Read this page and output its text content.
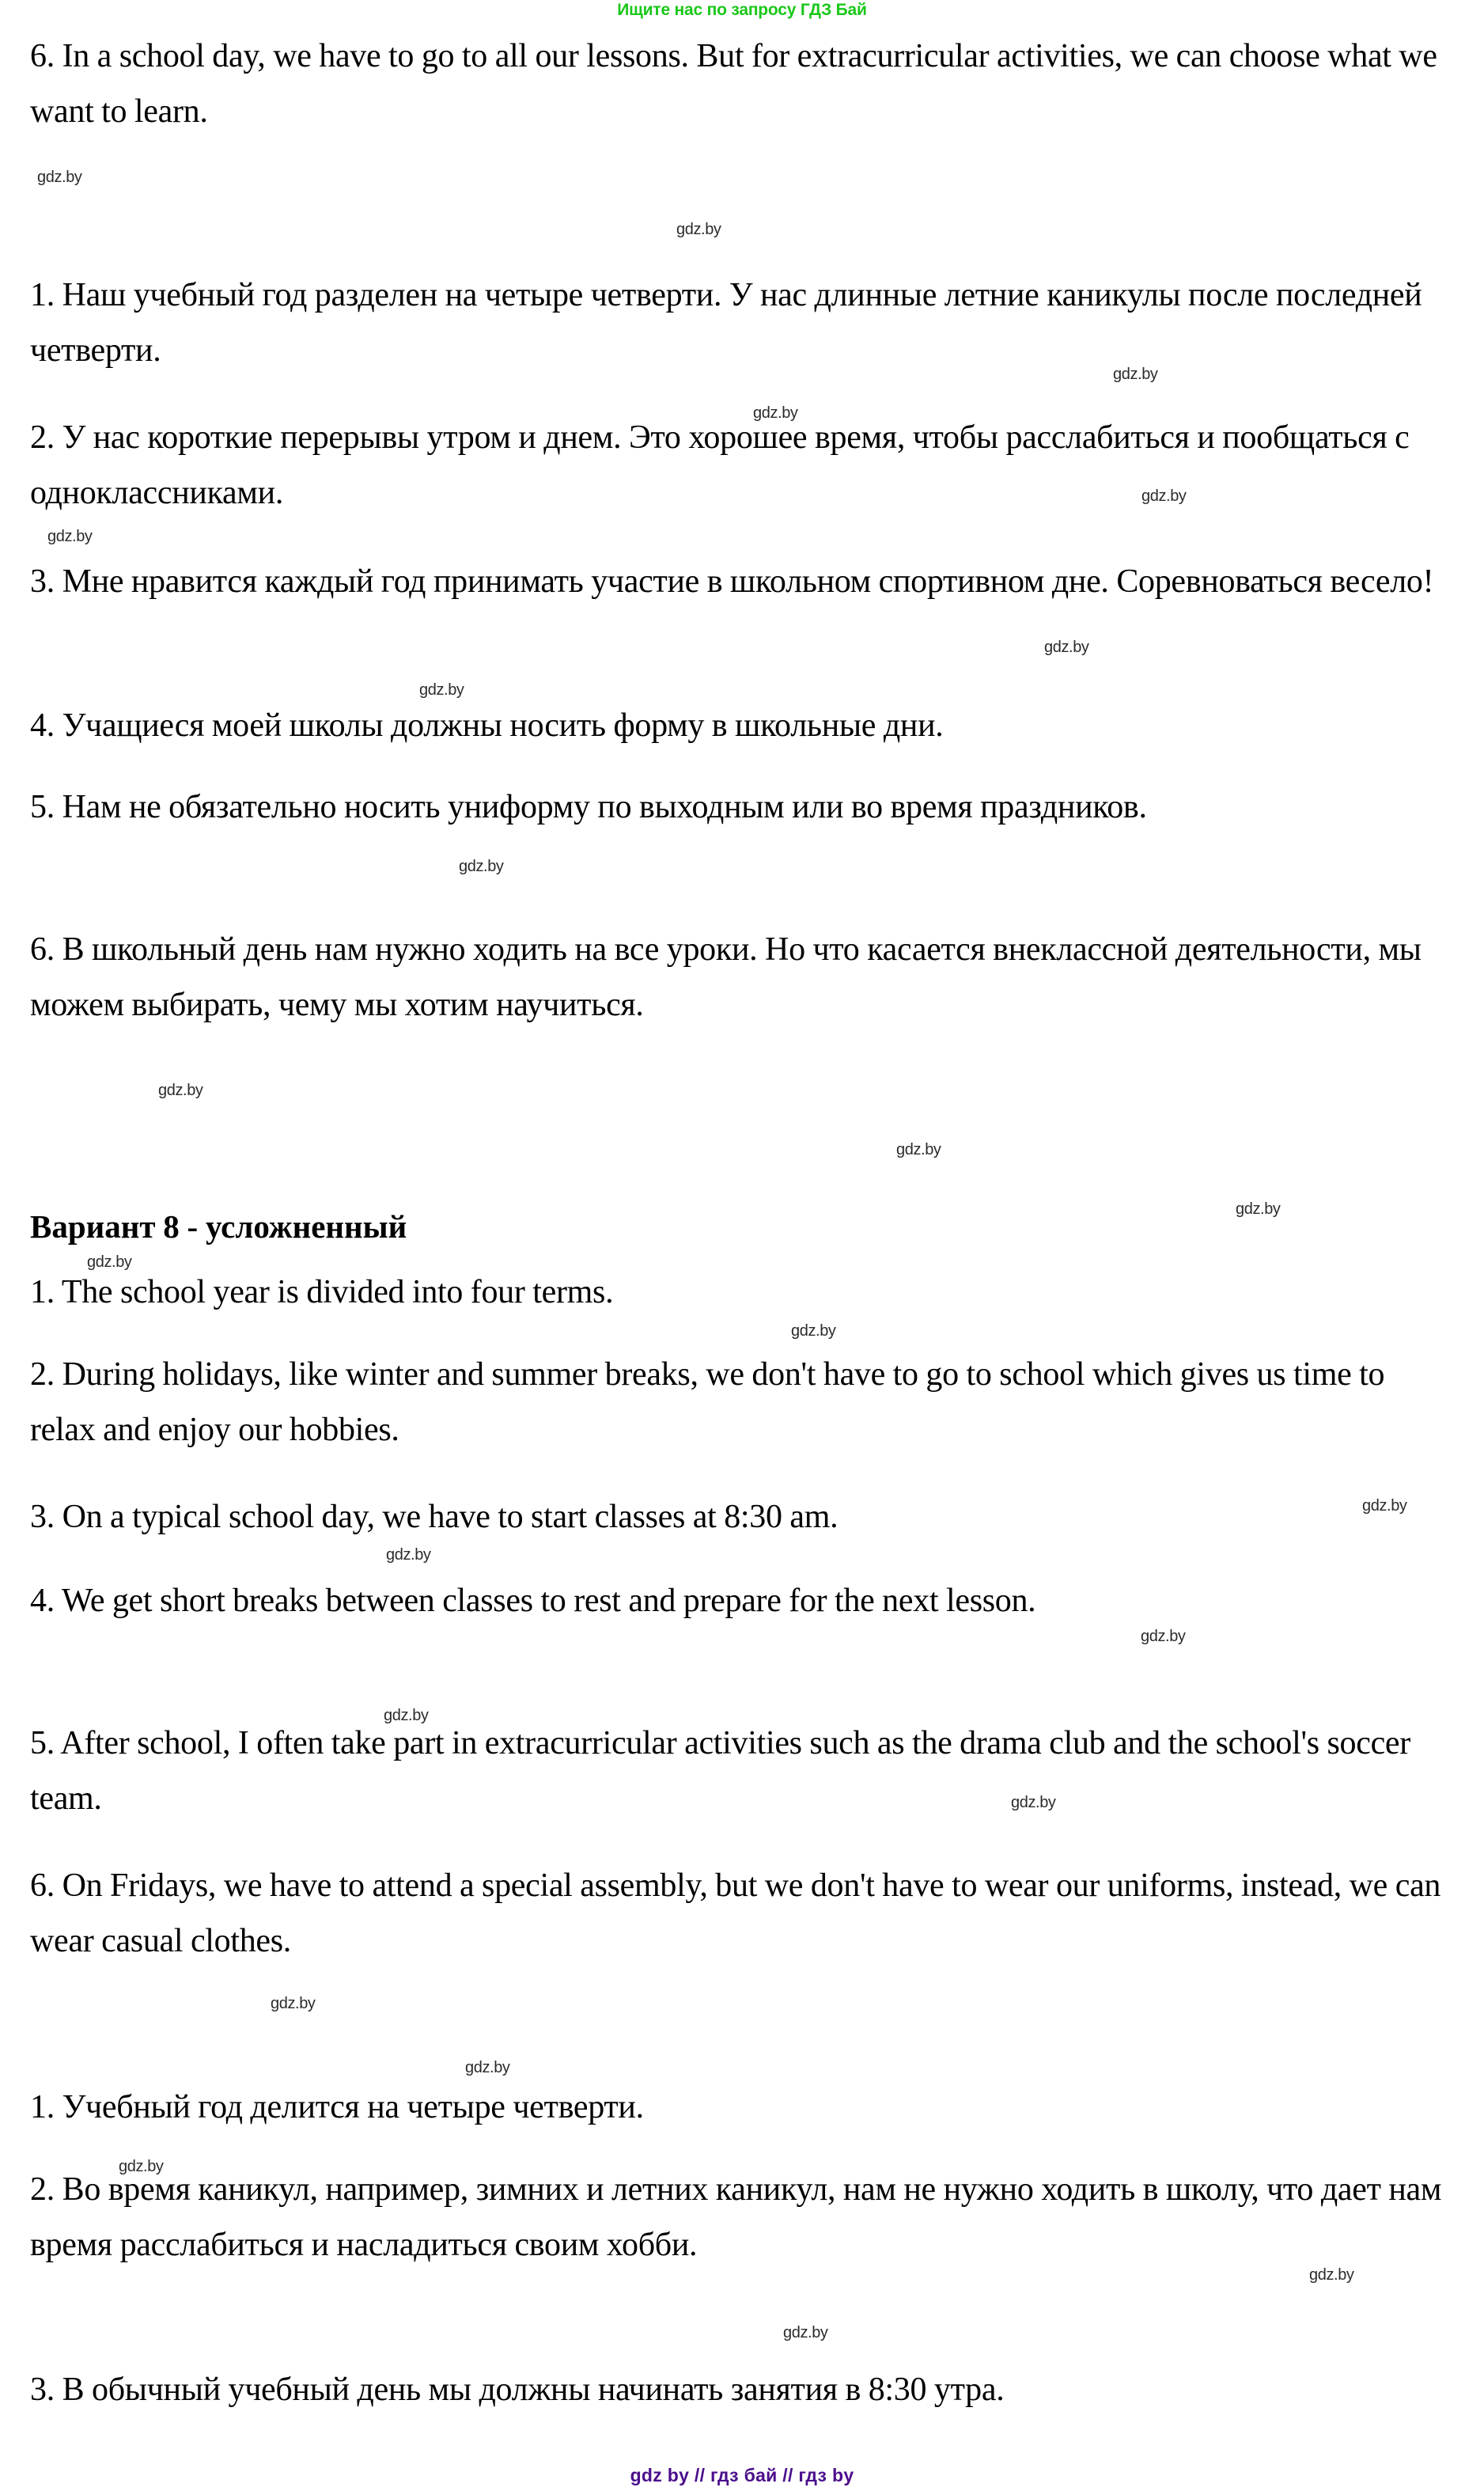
Ищите нас по запросу ГДЗ Бай
6. In a school day, we have to go to all our lessons. But for extracurricular activities, we can choose what we want to learn.
1. Наш учебный год разделен на четыре четверти. У нас длинные летние каникулы после последней четверти.
2. У нас короткие перерывы утром и днем. Это хорошее время, чтобы расслабиться и пообщаться с одноклассниками.
3. Мне нравится каждый год принимать участие в школьном спортивном дне. Соревноваться весело!
4. Учащиеся моей школы должны носить форму в школьные дни.
5. Нам не обязательно носить униформу по выходным или во время праздников.
6. В школьный день нам нужно ходить на все уроки. Но что касается внеклассной деятельности, мы можем выбирать, чему мы хотим научиться.
Вариант 8 - усложненный
1. The school year is divided into four terms.
2. During holidays, like winter and summer breaks, we don't have to go to school which gives us time to relax and enjoy our hobbies.
3. On a typical school day, we have to start classes at 8:30 am.
4. We get short breaks between classes to rest and prepare for the next lesson.
5. After school, I often take part in extracurricular activities such as the drama club and the school's soccer team.
6. On Fridays, we have to attend a special assembly, but we don't have to wear our uniforms, instead, we can wear casual clothes.
1. Учебный год делится на четыре четверти.
2. Во время каникул, например, зимних и летних каникул, нам не нужно ходить в школу, что дает нам время расслабиться и насладиться своим хобби.
3. В обычный учебный день мы должны начинать занятия в 8:30 утра.
gdz.by
gdz.by
gdz.by
gdz.by
gdz.by
gdz.by
gdz.by
gdz.by
gdz.by
gdz.by
gdz.by
gdz.by
gdz.by
gdz.by
gdz.by
gdz.by
gdz.by
gdz.by
gdz.by
gdz.by
gdz.by
gdz.by
gdz.by
gdz.by
gdz by // гдз бай // гдз by
